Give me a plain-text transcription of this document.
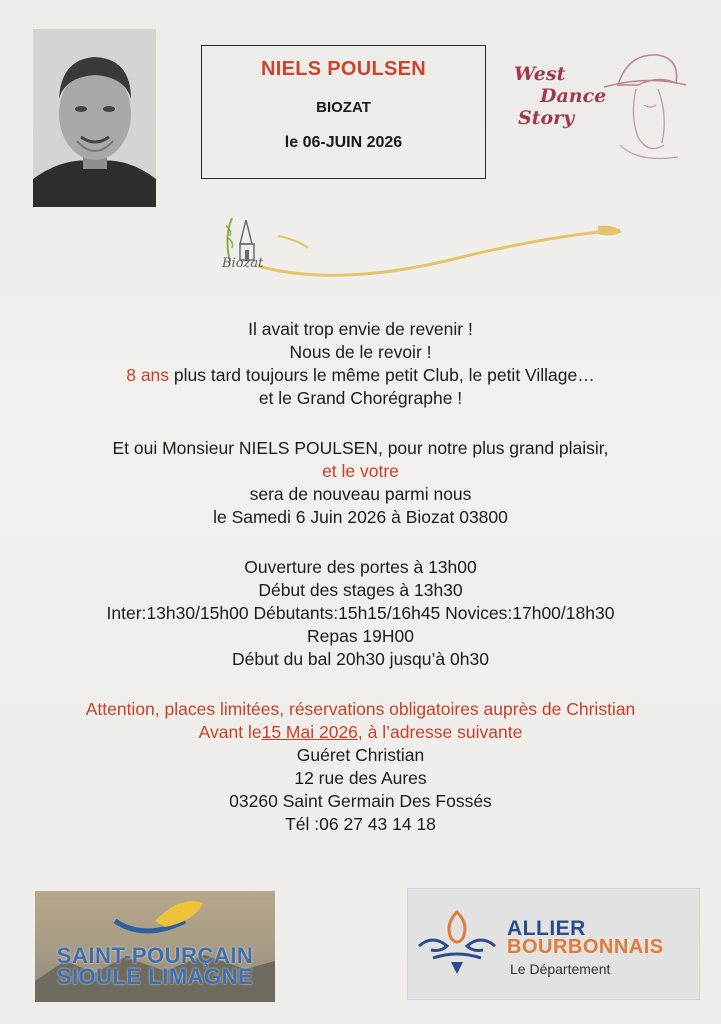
NIELS POULSEN
BIOZAT
le 06-JUIN 2026
West
Dance
Story
Biozat
Il avait trop envie de revenir !
Nous de le revoir !
8 ans plus tard toujours le même petit Club, le petit Village…
et le Grand Chorégraphe !
Et oui Monsieur NIELS POULSEN, pour notre plus grand plaisir,
et le votre
sera de nouveau parmi nous
le Samedi 6 Juin 2026 à Biozat 03800
Ouverture des portes à 13h00
Début des stages à 13h30
Inter:13h30/15h00 Débutants:15h15/16h45 Novices:17h00/18h30
Repas 19H00
Début du bal 20h30 jusqu’à 0h30
Attention, places limitées, réservations obligatoires auprès de Christian
Avant le15 Mai 2026, à l’adresse suivante
Guéret Christian
12 rue des Aures
03260 Saint Germain Des Fossés
Tél :06 27 43 14 18
SAINT-POURÇAIN
SIOULE LIMAGNE
ALLIER
BOURBONNAIS
Le Département
